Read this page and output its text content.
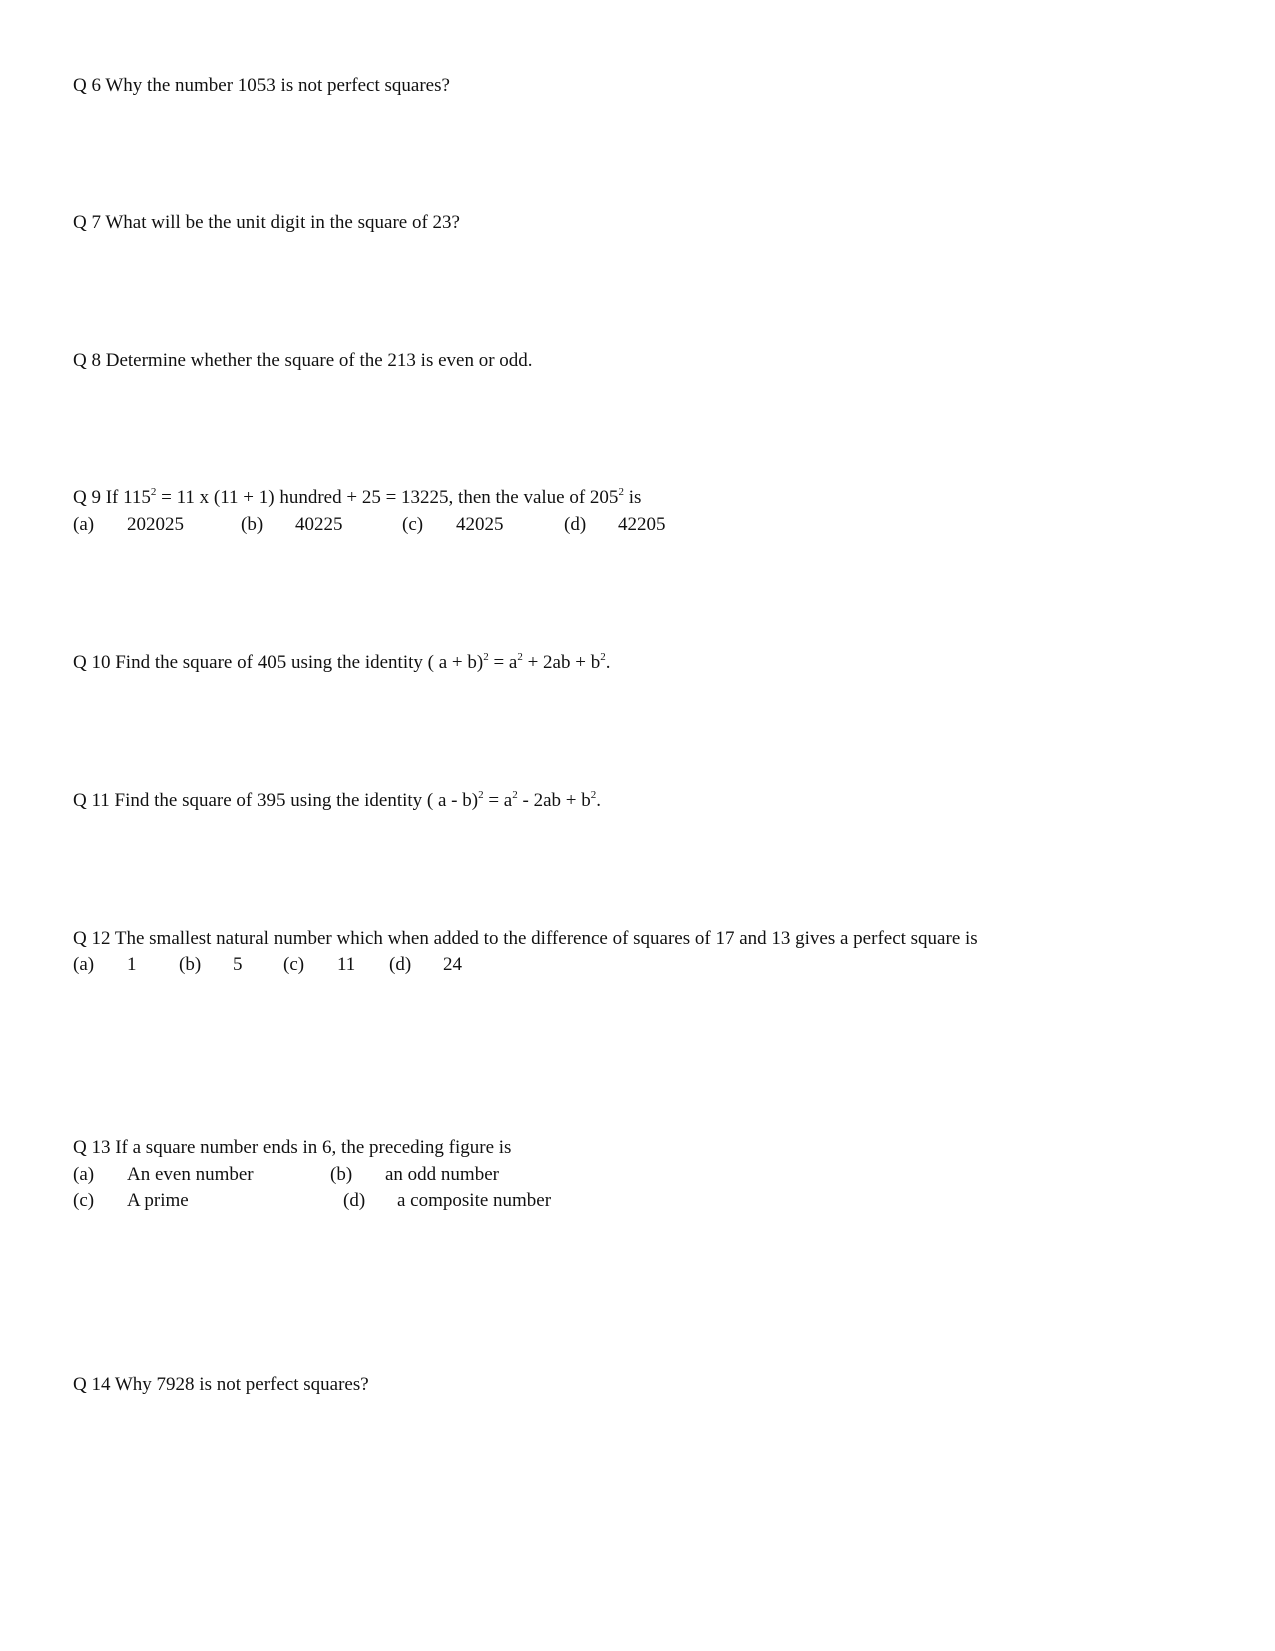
Q 6 Why the number 1053 is not perfect squares?
Q 7 What will be the unit digit in the square of 23?
Q 8 Determine whether the square of the 213 is even or odd.
Q 9 If $115^2 = 11$ x (11 + 1) hundred + 25 = 13225, then the value of $205^2$ is
(a) 202025	(b) 40225	(c) 42025	(d) 42205
Q 10 Find the square of 405 using the identity ( $a + b)^2 = a^2 + 2ab + b^2$.
Q 11 Find the square of 395 using the identity ( $a - b)^2 = a^2 - 2ab + b^2$.
Q 12 The smallest natural number which when added to the difference of squares of 17 and 13 gives a perfect square is
(a) 1 (b) 5 (c) 11 (d) 24
Q 13 If a square number ends in 6, the preceding figure is
(a) An even number	(b) an odd number
(c) A prime	(d) a composite number
Q 14 Why 7928 is not perfect squares?
